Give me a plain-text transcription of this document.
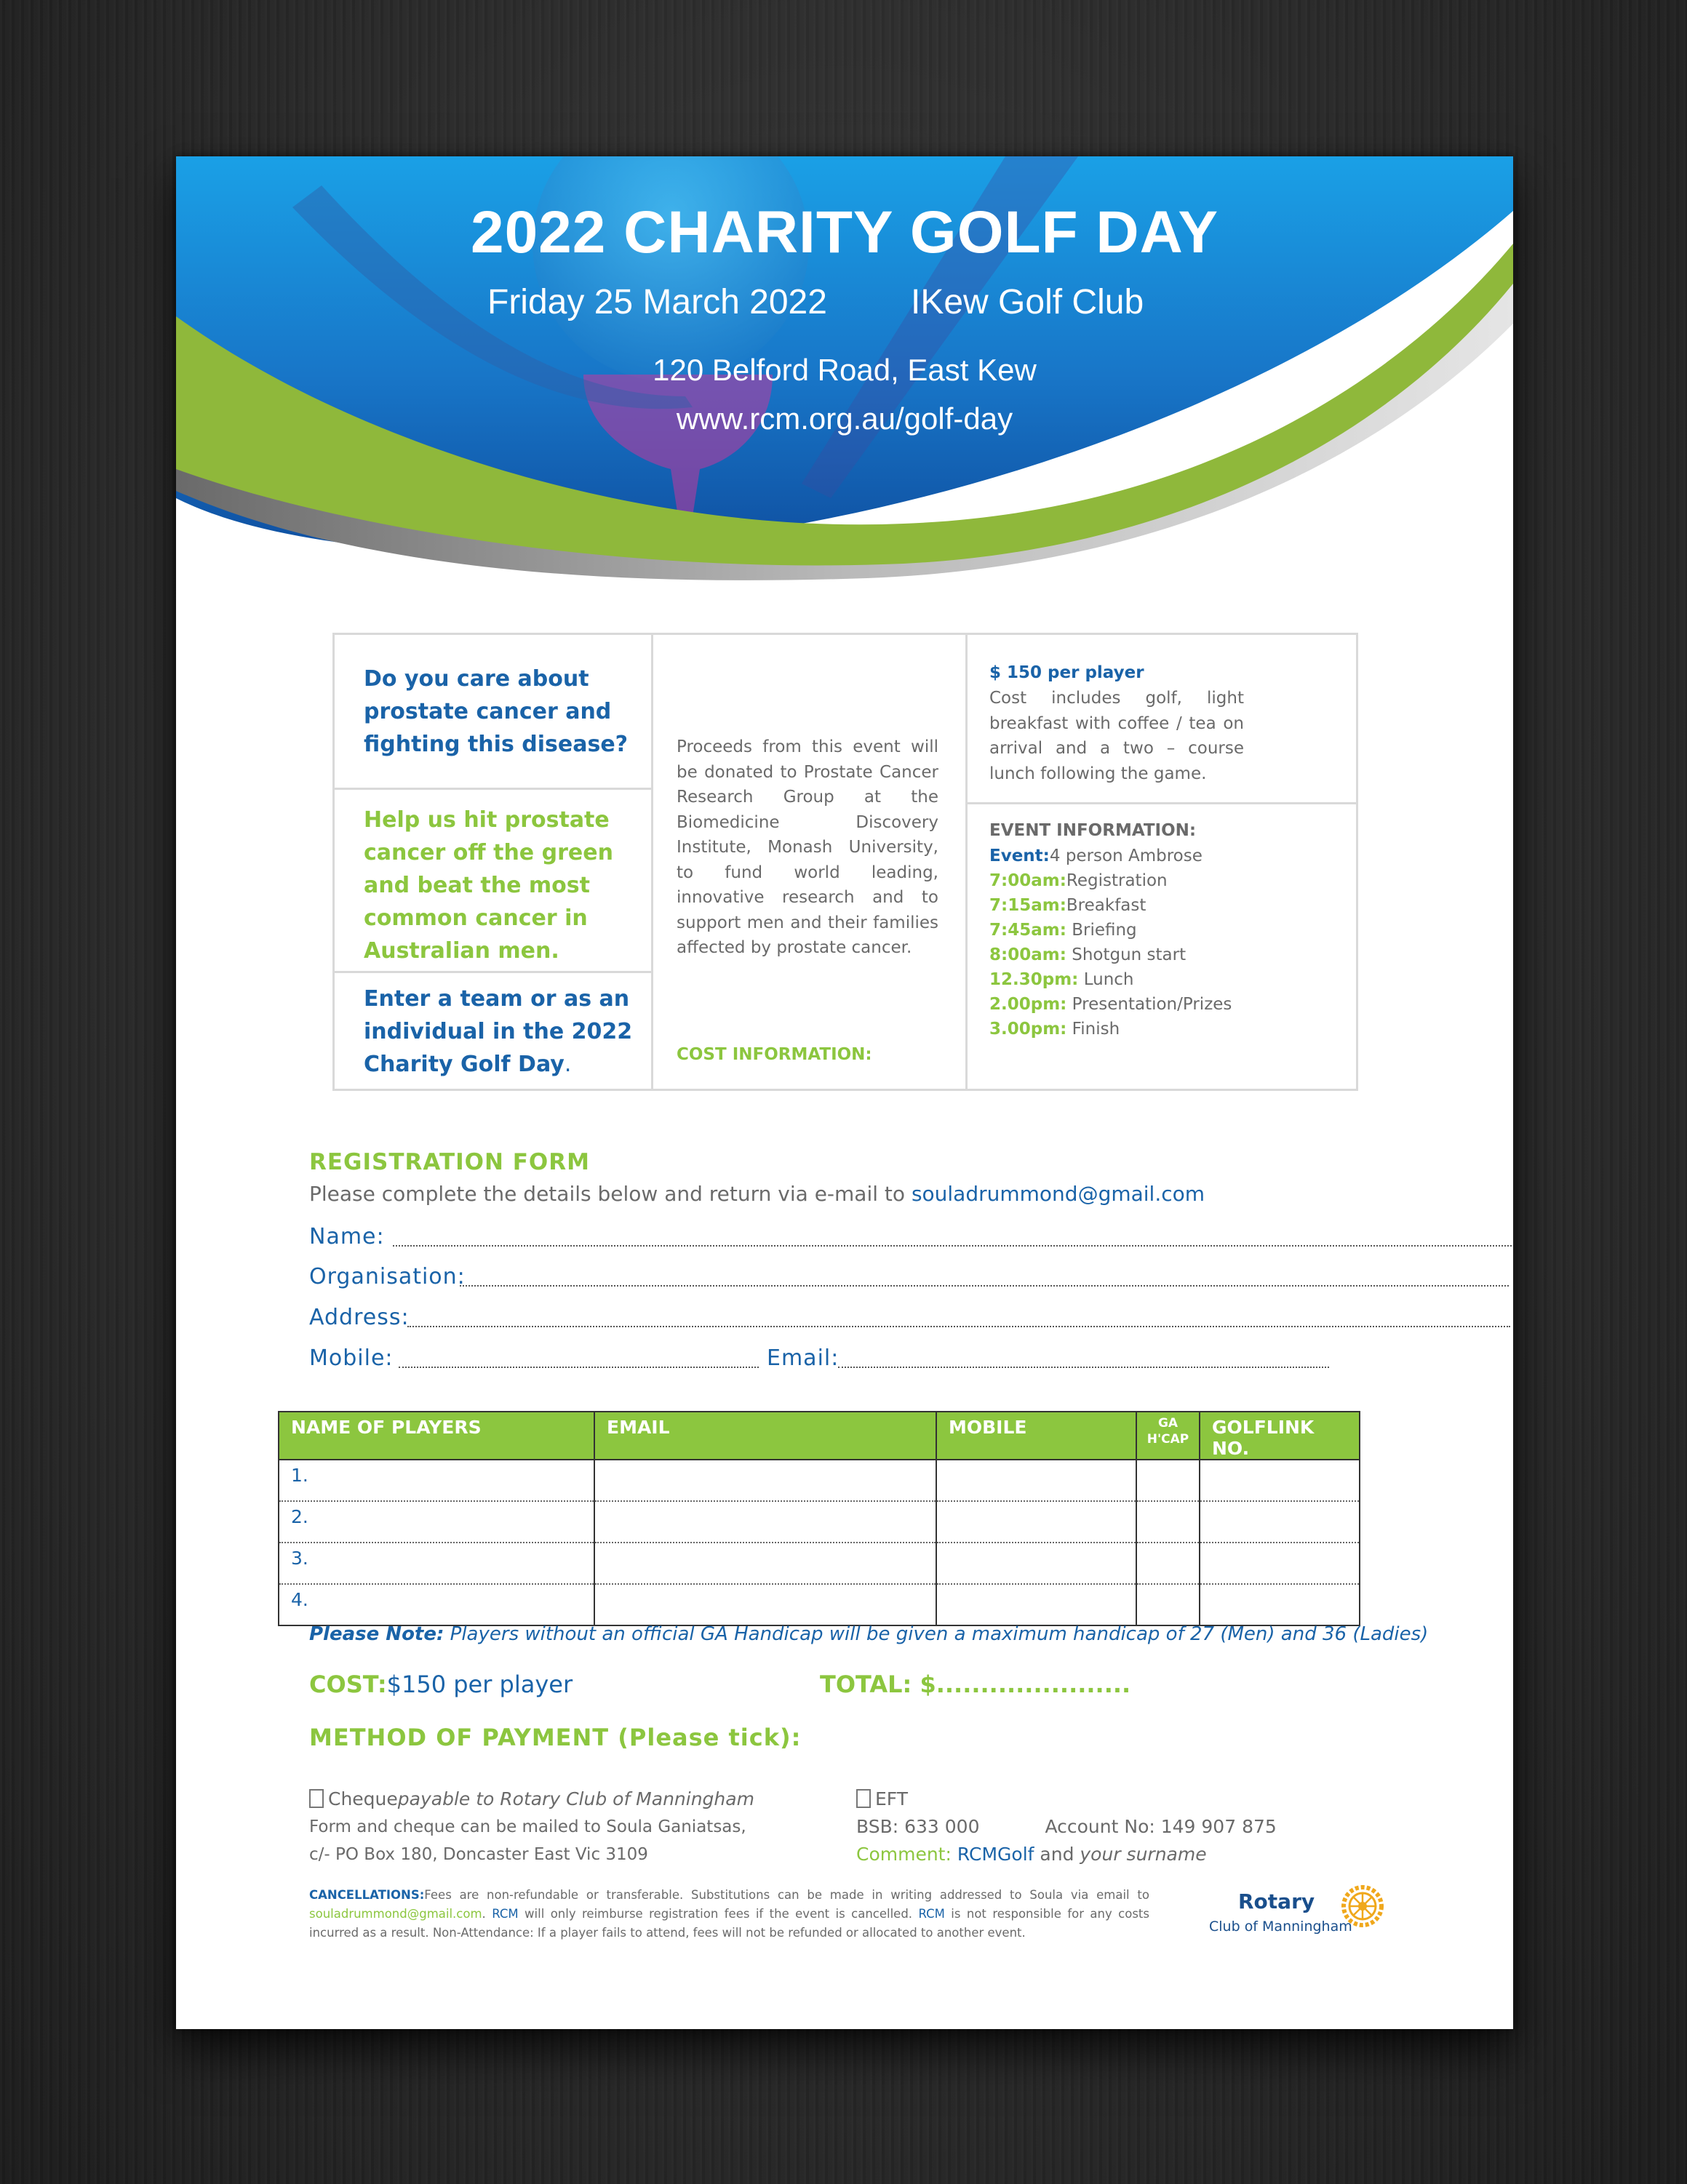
2022 CHARITY GOLF DAY
Friday 25 March 2022 IKew Golf Club
120 Belford Road, East Kew
www.rcm.org.au/golf-day
Do you care about prostate cancer and fighting this disease?
Help us hit prostate cancer off the green and beat the most common cancer in Australian men.
Enter a team or as an individual in the 2022 Charity Golf Day.
Proceeds from this event will be donated to Prostate Cancer Research Group at the Biomedicine Discovery Institute, Monash University, to fund world leading, innovative research and to support men and their families affected by prostate cancer.
COST INFORMATION:
$ 150 per player
Cost includes golf, light breakfast with coffee / tea on arrival and a two – course lunch following the game.
EVENT INFORMATION:
Event:4 person Ambrose
7:00am:Registration
7:15am:Breakfast
7:45am: Briefing
8:00am: Shotgun start
12.30pm: Lunch
2.00pm: Presentation/Prizes
3.00pm: Finish
REGISTRATION FORM
Please complete the details below and return via e-mail to souladrummond@gmail.com
Name:
Organisation:
Address:
Mobile:	Email:
NAME OF PLAYERS	EMAIL	MOBILE	GA H'CAP	GOLFLINK NO.
1.				
2.				
3.				
4.				
Please Note: Players without an official GA Handicap will be given a maximum handicap of 27 (Men) and 36 (Ladies)
COST:$150 per player	TOTAL: $......................
METHOD OF PAYMENT (Please tick):
Chequepayable to Rotary Club of Manningham
Form and cheque can be mailed to Soula Ganiatsas,
c/- PO Box 180, Doncaster East Vic 3109
EFT
BSB: 633 000	Account No: 149 907 875
Comment: RCMGolf and your surname
CANCELLATIONS:Fees are non-refundable or transferable. Substitutions can be made in writing addressed to Soula via email to souladrummond@gmail.com. RCM will only reimburse registration fees if the event is cancelled. RCM is not responsible for any costs incurred as a result. Non-Attendance: If a player fails to attend, fees will not be refunded or allocated to another event.
Rotary
Club of Manningham
